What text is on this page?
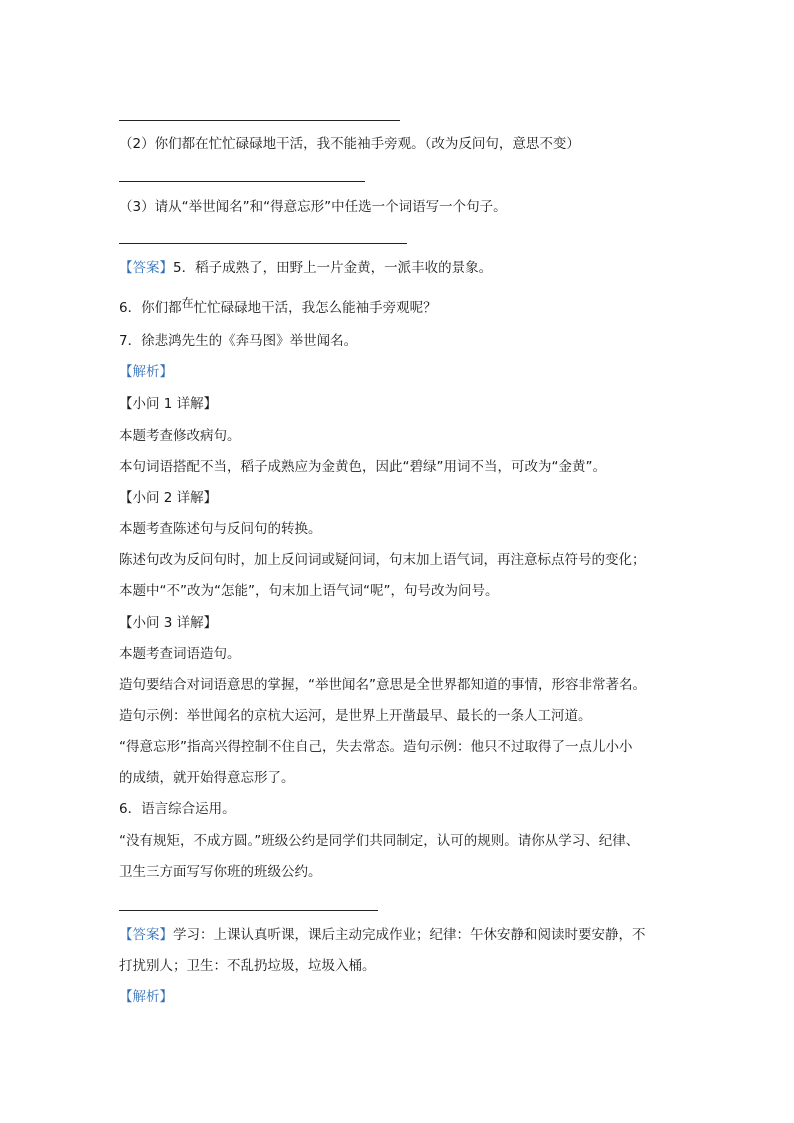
（2）你们都在忙忙碌碌地干活，我不能袖手旁观。（改为反问句，意思不变）
（3）请从“举世闻名”和“得意忘形”中任选一个词语写一个句子。
【答案】5．稻子成熟了，田野上一片金黄，一派丰收的景象。
6．你们都在忙忙碌碌地干活，我怎么能袖手旁观呢？
7．徐悲鸿先生的《奔马图》举世闻名。
【解析】
【小问 1 详解】
本题考查修改病句。
本句词语搭配不当，稻子成熟应为金黄色，因此“碧绿”用词不当，可改为“金黄”。
【小问 2 详解】
本题考查陈述句与反问句的转换。
陈述句改为反问句时，加上反问词或疑问词，句末加上语气词，再注意标点符号的变化；
本题中“不”改为“怎能”，句末加上语气词“呢”，句号改为问号。
【小问 3 详解】
本题考查词语造句。
造句要结合对词语意思的掌握，“举世闻名”意思是全世界都知道的事情，形容非常著名。
造句示例：举世闻名的京杭大运河，是世界上开凿最早、最长的一条人工河道。
“得意忘形”指高兴得控制不住自己，失去常态。造句示例：他只不过取得了一点儿小小
的成绩，就开始得意忘形了。
6．语言综合运用。
“没有规矩，不成方圆。”班级公约是同学们共同制定，认可的规则。请你从学习、纪律、
卫生三方面写写你班的班级公约。
【答案】学习：上课认真听课，课后主动完成作业；纪律：午休安静和阅读时要安静，不
打扰别人；卫生：不乱扔垃圾，垃圾入桶。
【解析】
